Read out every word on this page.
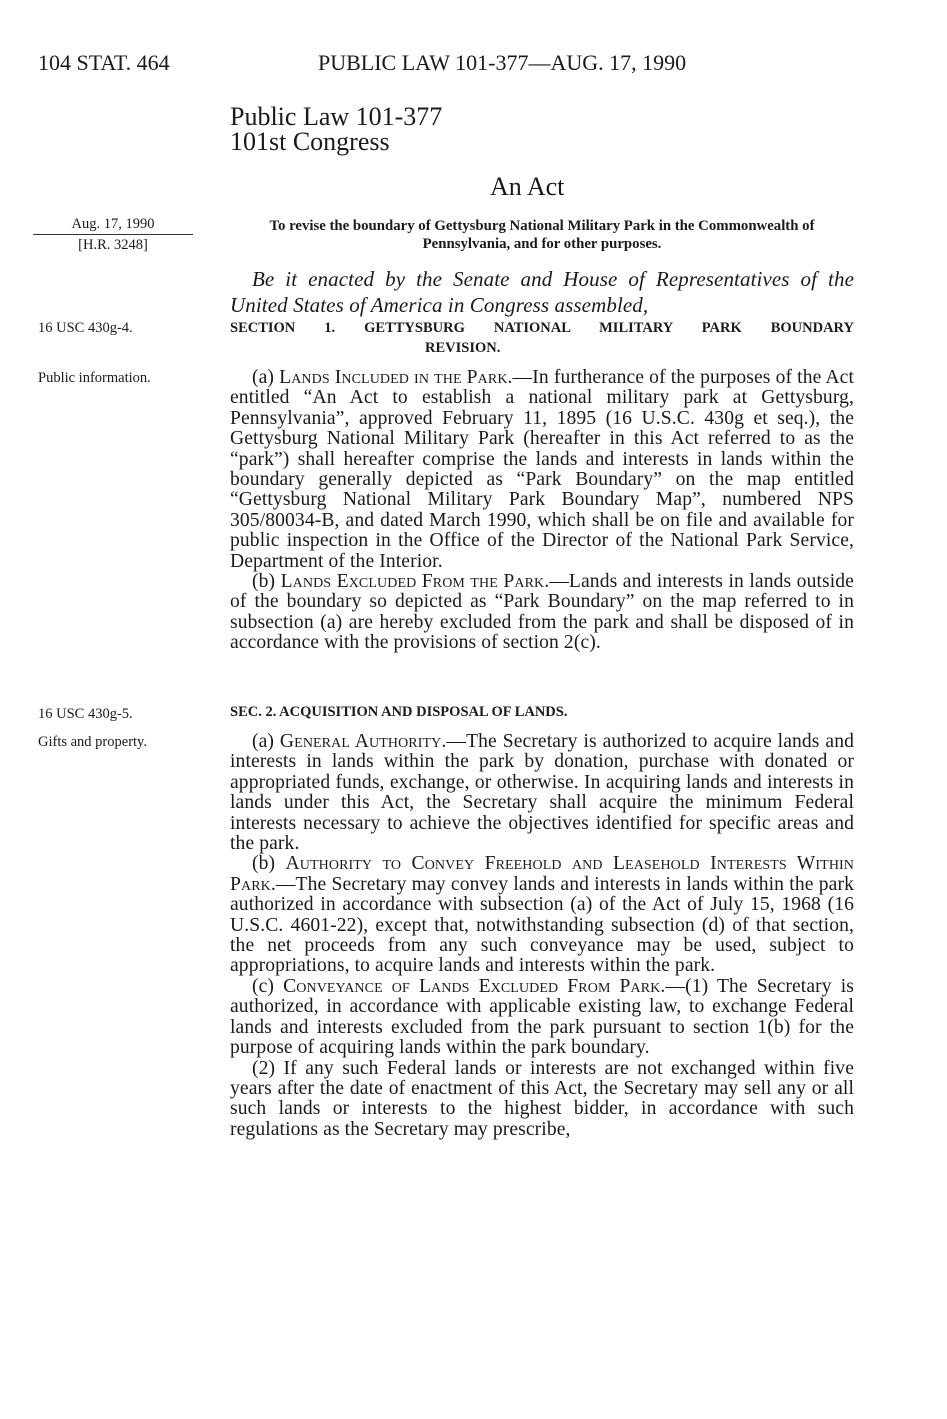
104 STAT. 464	PUBLIC LAW 101-377—AUG. 17, 1990
Public Law 101-377
101st Congress
An Act
Aug. 17, 1990
[H.R. 3248]
To revise the boundary of Gettysburg National Military Park in the Commonwealth of Pennsylvania, and for other purposes.

Be it enacted by the Senate and House of Representatives of the United States of America in Congress assembled,

16 USC 430g-4.	SECTION 1. GETTYSBURG NATIONAL MILITARY PARK BOUNDARY
REVISION.
Public information.	(a) Lands Included in the Park.—In furtherance of the purposes of the Act entitled “An Act to establish a national military park at Gettysburg, Pennsylvania”, approved February 11, 1895 (16 U.S.C. 430g et seq.), the Gettysburg National Military Park (hereafter in this Act referred to as the “park”) shall hereafter comprise the lands and interests in lands within the boundary generally depicted as “Park Boundary” on the map entitled “Gettysburg National Military Park Boundary Map”, numbered NPS 305/80034-B, and dated March 1990, which shall be on file and available for public inspection in the Office of the Director of the National Park Service, Department of the Interior.

(b) Lands Excluded From the Park.—Lands and interests in lands outside of the boundary so depicted as “Park Boundary” on the map referred to in subsection (a) are hereby excluded from the park and shall be disposed of in accordance with the provisions of section 2(c).

16 USC 430g-5.	SEC. 2. ACQUISITION AND DISPOSAL OF LANDS.
Gifts and property.	(a) General Authority.—The Secretary is authorized to acquire lands and interests in lands within the park by donation, purchase with donated or appropriated funds, exchange, or otherwise. In acquiring lands and interests in lands under this Act, the Secretary shall acquire the minimum Federal interests necessary to achieve the objectives identified for specific areas and the park.

(b) Authority to Convey Freehold and Leasehold Interests Within Park.—The Secretary may convey lands and interests in lands within the park authorized in accordance with subsection (a) of the Act of July 15, 1968 (16 U.S.C. 4601-22), except that, notwithstanding subsection (d) of that section, the net proceeds from any such conveyance may be used, subject to appropriations, to acquire lands and interests within the park.

(c) Conveyance of Lands Excluded From Park.—(1) The Secretary is authorized, in accordance with applicable existing law, to exchange Federal lands and interests excluded from the park pursuant to section 1(b) for the purpose of acquiring lands within the park boundary.

(2) If any such Federal lands or interests are not exchanged within five years after the date of enactment of this Act, the Secretary may sell any or all such lands or interests to the highest bidder, in accordance with such regulations as the Secretary may prescribe,
